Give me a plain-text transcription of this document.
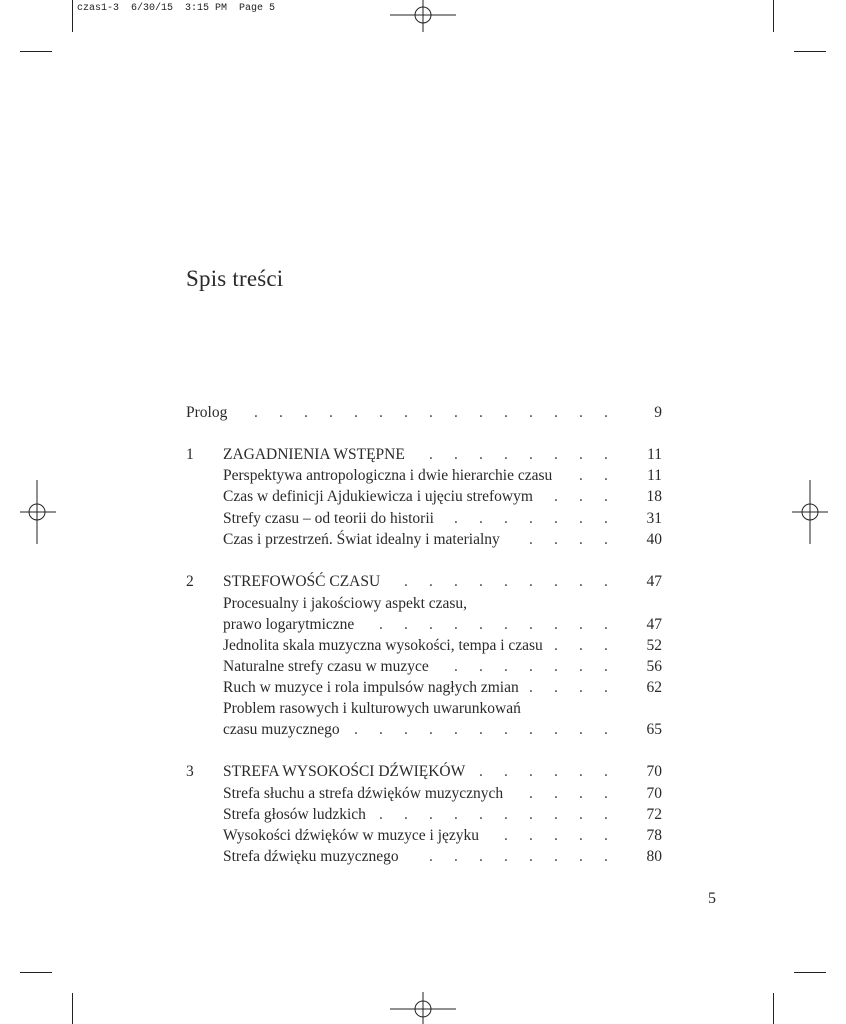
czas1-3  6/30/15  3:15 PM  Page 5
Spis treści
Prolog . . . . . . . . . . . . . . .	9
1 ZAGADNIENIA WSTĘPNE . . . . . . . .	11
Perspektywa antropologiczna i dwie hierarchie czasu . .	11
Czas w definicji Ajdukiewicza i ujęciu strefowym . . .	18
Strefy czasu – od teorii do historii . . . . . . .	31
Czas i przestrzeń. Świat idealny i materialny . . . .	40
2 STREFOWOŚĆ CZASU . . . . . . . . .	47
Procesualny i jakościowy aspekt czasu,
prawo logarytmiczne . . . . . . . . . .	47
Jednolita skala muzyczna wysokości, tempa i czasu . . .	52
Naturalne strefy czasu w muzyce . . . . . . .	56
Ruch w muzyce i rola impulsów nagłych zmian . . . .	62
Problem rasowych i kulturowych uwarunkowań
czasu muzycznego . . . . . . . . . . .	65
3 STREFA WYSOKOŚCI DŹWIĘKÓW . . . . . .	70
Strefa słuchu a strefa dźwięków muzycznych . . . .	70
Strefa głosów ludzkich . . . . . . . . . .	72
Wysokości dźwięków w muzyce i języku . . . . .	78
Strefa dźwięku muzycznego . . . . . . . .	80
5
